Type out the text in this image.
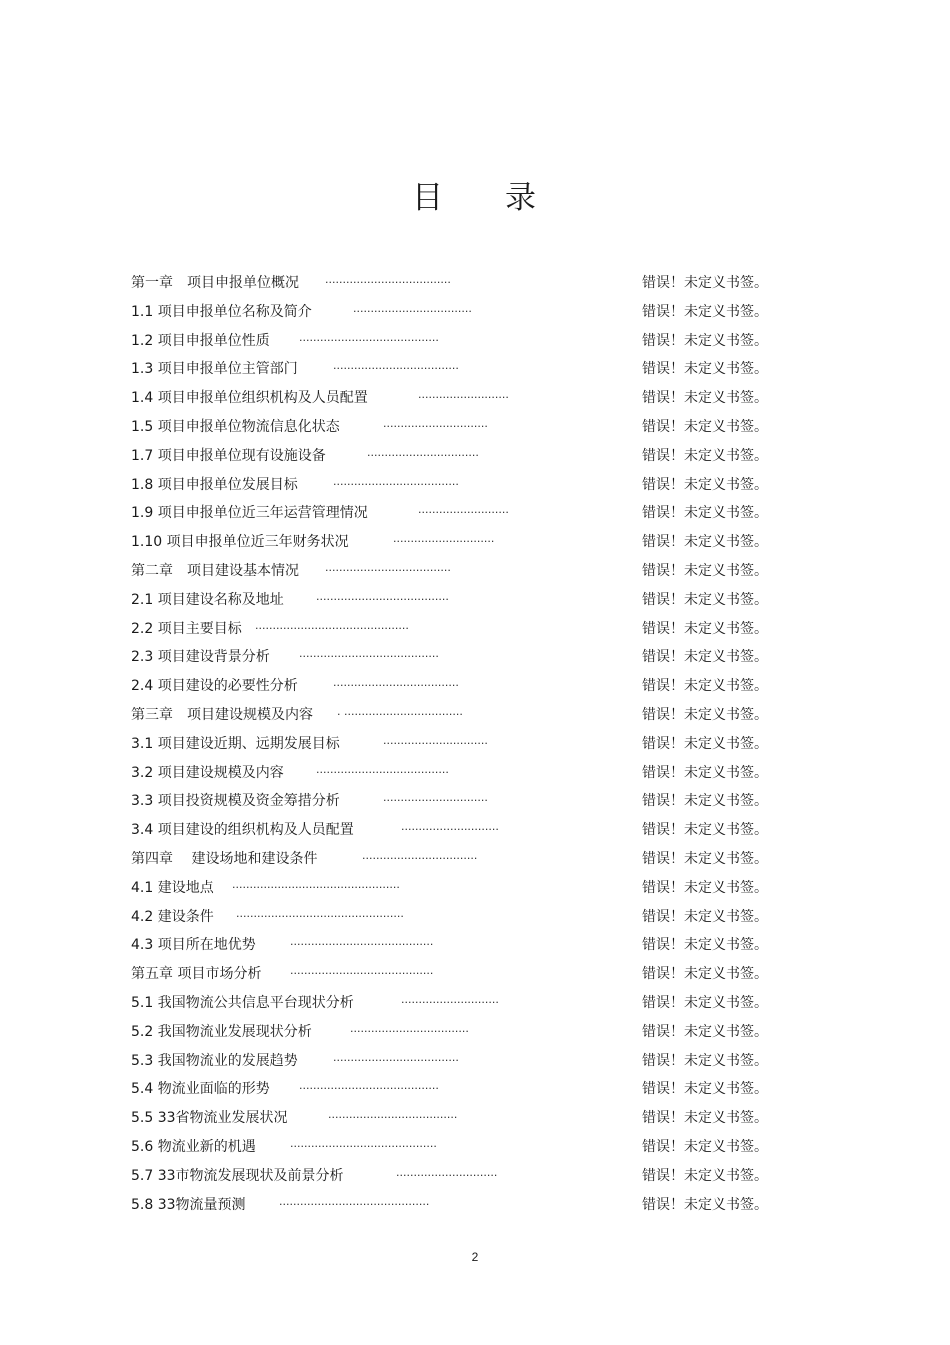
目 录
第一章　项目申报单位概况 ....................................	错误！未定义书签。
1.1 项目申报单位名称及简介	..................................	错误！未定义书签。
1.2 项目申报单位性质	........................................	错误！未定义书签。
1.3 项目申报单位主管部门	....................................	错误！未定义书签。
1.4 项目申报单位组织机构及人员配置	..........................	错误！未定义书签。
1.5 项目申报单位物流信息化状态	..............................	错误！未定义书签。
1.7 项目申报单位现有设施设备	................................	错误！未定义书签。
1.8 项目申报单位发展目标	....................................	错误！未定义书签。
1.9 项目申报单位近三年运营管理情况	..........................	错误！未定义书签。
1.10 项目申报单位近三年财务状况	.............................	错误！未定义书签。
第二章　项目建设基本情况 ....................................	错误！未定义书签。
2.1 项目建设名称及地址	......................................	错误！未定义书签。
2.2 项目主要目标 ............................................	错误！未定义书签。
2.3 项目建设背景分析	........................................	错误！未定义书签。
2.4 项目建设的必要性分析	....................................	错误！未定义书签。
第三章　项目建设规模及内容 . ..................................	错误！未定义书签。
3.1 项目建设近期、远期发展目标	..............................	错误！未定义书签。
3.2 项目建设规模及内容	......................................	错误！未定义书签。
3.3 项目投资规模及资金筹措分析	..............................	错误！未定义书签。
3.4 项目建设的组织机构及人员配置	............................	错误！未定义书签。
第四章　 建设场地和建设条件	.................................	错误！未定义书签。
4.1 建设地点 ................................................	错误！未定义书签。
4.2 建设条件 ................................................	错误！未定义书签。
4.3 项目所在地优势	.........................................	错误！未定义书签。
第五章 项目市场分析	.........................................	错误！未定义书签。
5.1 我国物流公共信息平台现状分析	............................	错误！未定义书签。
5.2 我国物流业发展现状分析	..................................	错误！未定义书签。
5.3 我国物流业的发展趋势	....................................	错误！未定义书签。
5.4 物流业面临的形势	........................................	错误！未定义书签。
5.5 33省物流业发展状况	.....................................	错误！未定义书签。
5.6 物流业新的机遇	..........................................	错误！未定义书签。
5.7 33市物流发展现状及前景分析	.............................	错误！未定义书签。
5.8 33物流量预测	...........................................	错误！未定义书签。
2
